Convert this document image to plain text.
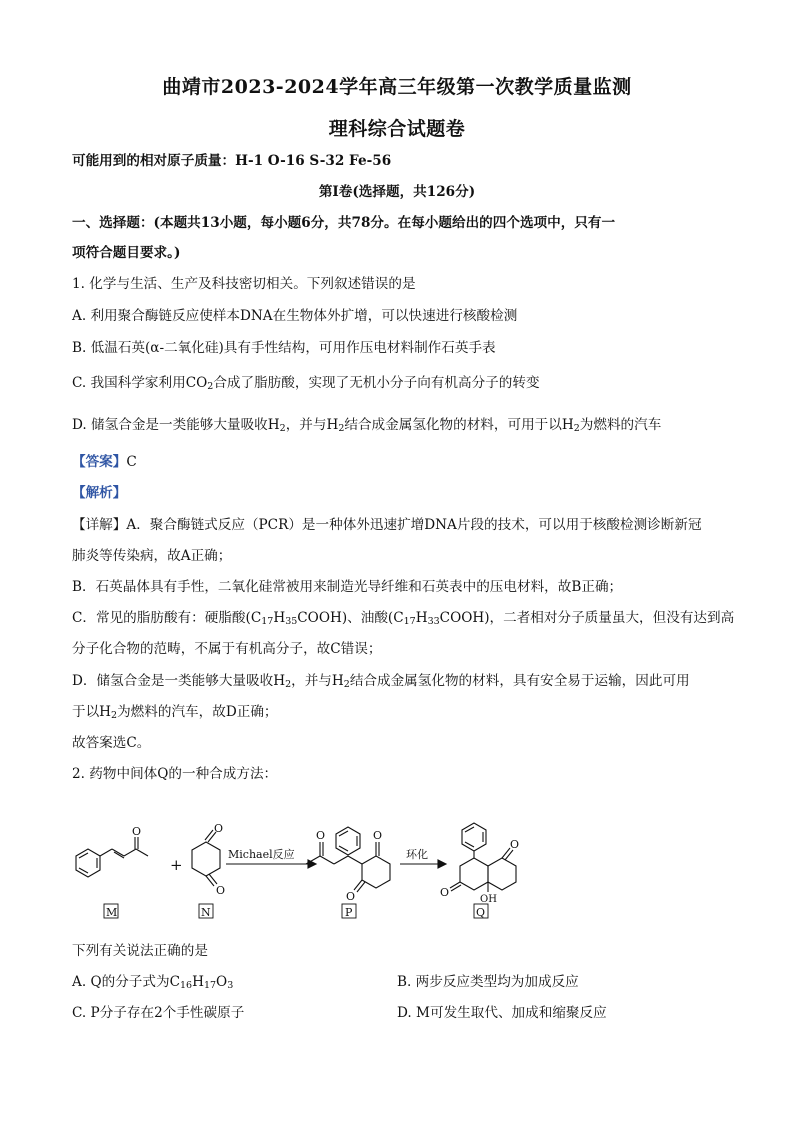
曲靖市2023-2024学年高三年级第一次教学质量监测
理科综合试题卷
可能用到的相对原子质量：H-1 O-16 S-32 Fe-56
第I卷(选择题，共126分)
一、选择题：(本题共13小题，每小题6分，共78分。在每小题给出的四个选项中，只有一
项符合题目要求。)
1. 化学与生活、生产及科技密切相关。下列叙述错误的是
A. 利用聚合酶链反应使样本DNA在生物体外扩增，可以快速进行核酸检测
B. 低温石英(α-二氧化硅)具有手性结构，可用作压电材料制作石英手表
C. 我国科学家利用$CO_2$合成了脂肪酸，实现了无机小分子向有机高分子的转变
D. 储氢合金是一类能够大量吸收$H_2$，并与$H_2$结合成金属氢化物的材料，可用于以$H_2$为燃料的汽车
【答案】C
【解析】
【详解】A．聚合酶链式反应（PCR）是一种体外迅速扩增DNA片段的技术，可以用于核酸检测诊断新冠
肺炎等传染病，故A正确；
B．石英晶体具有手性，二氧化硅常被用来制造光导纤维和石英表中的压电材料，故B正确；
C．常见的脂肪酸有：硬脂酸$(C_{17}H_{35}COOH)$、油酸$(C_{17}H_{33}COOH)$，二者相对分子质量虽大，但没有达到高
分子化合物的范畴，不属于有机高分子，故C错误；
D．储氢合金是一类能够大量吸收$H_2$，并与$H_2$结合成金属氢化物的材料，具有安全易于运输，因此可用
于以$H_2$为燃料的汽车，故D正确；
故答案选C。
2. 药物中间体Q的一种合成方法：
O
+
O
O
Michael反应
O	O
O
环化
O
O
OH
M	N	P	Q
下列有关说法正确的是
A. Q的分子式为$C_{16}H_{17}O_3$	B. 两步反应类型均为加成反应
C. P分子存在2个手性碳原子	D. M可发生取代、加成和缩聚反应
